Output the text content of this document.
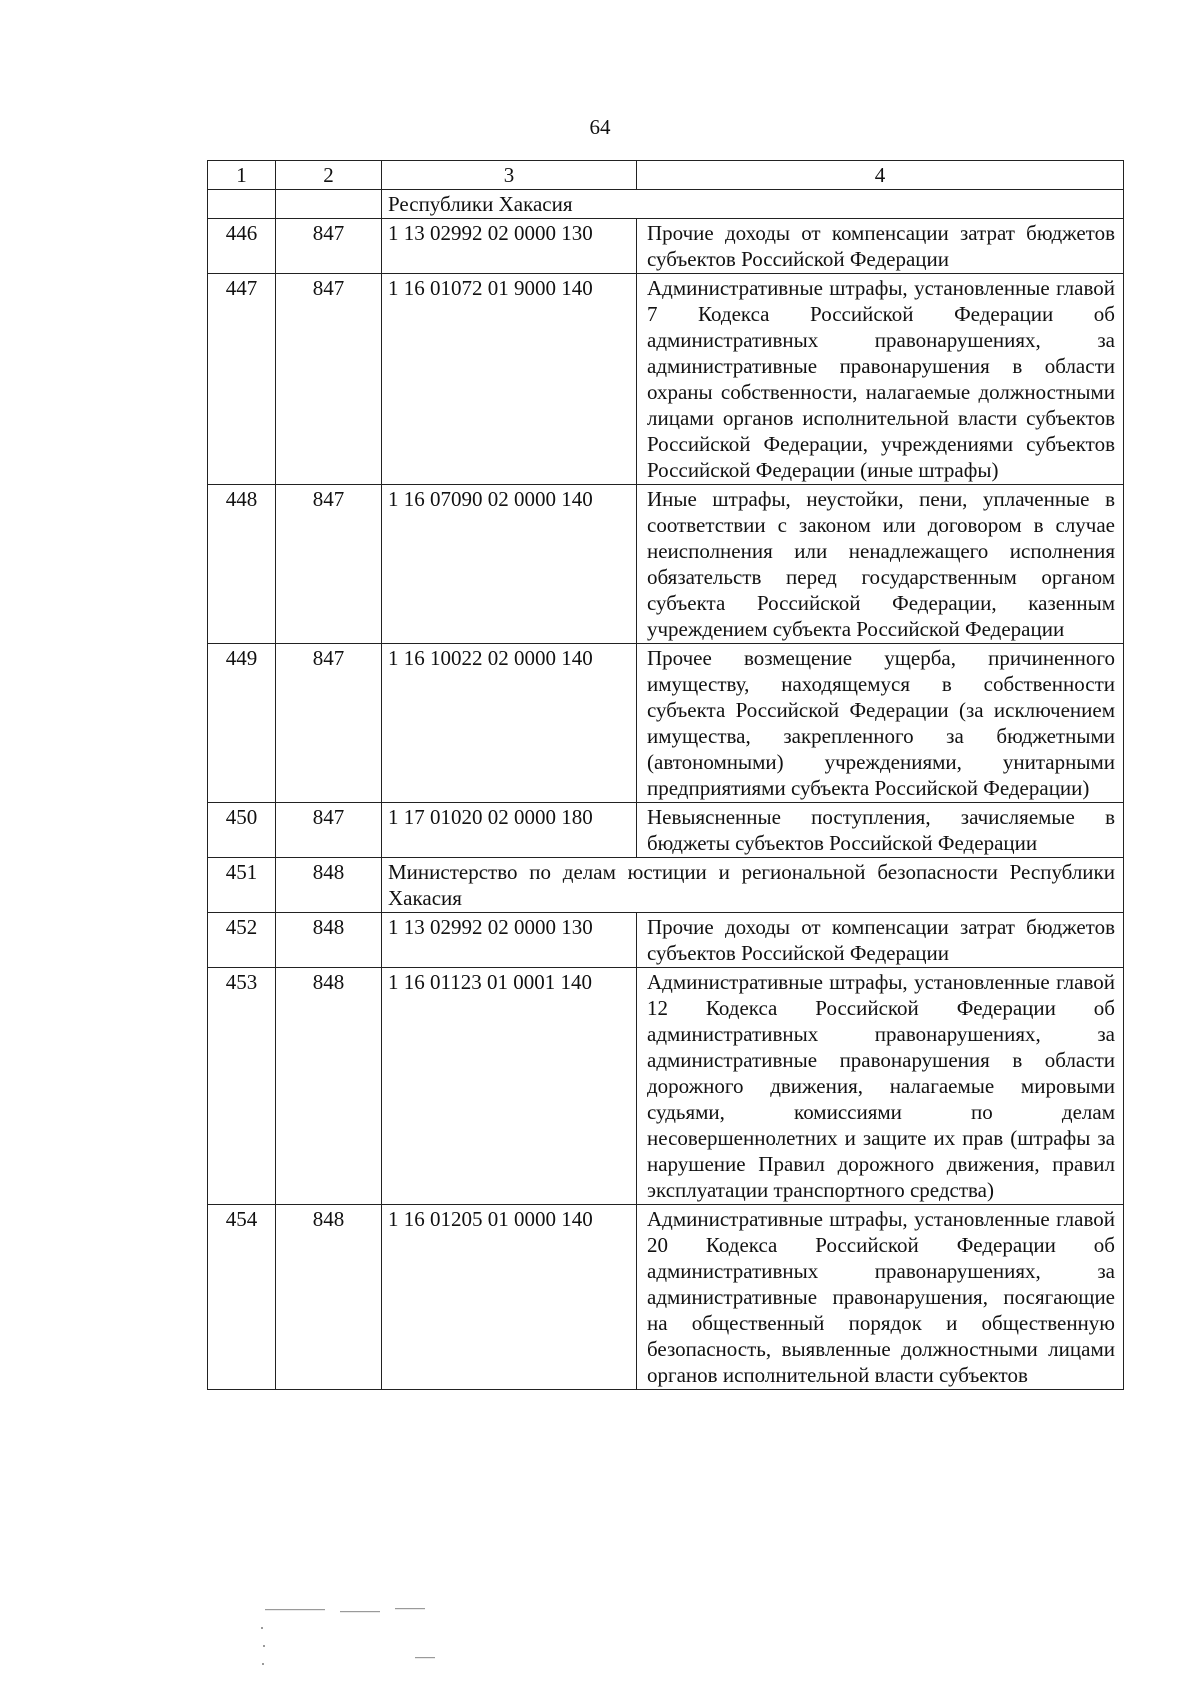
64
1	2	3	4
		Республики Хакасия	
446	847	1 13 02992 02 0000 130	Прочие доходы от компенсации затрат бюджетов субъектов Российской Федерации
447	847	1 16 01072 01 9000 140	Административные штрафы, установленные главой 7 Кодекса Российской Федерации об административных правонарушениях, за административные правонарушения в области охраны собственности, налагаемые должностными лицами органов исполнительной власти субъектов Российской Федерации, учреждениями субъектов Российской Федерации (иные штрафы)
448	847	1 16 07090 02 0000 140	Иные штрафы, неустойки, пени, уплаченные в соответствии с законом или договором в случае неисполнения или ненадлежащего исполнения обязательств перед государственным органом субъекта Российской Федерации, казенным учреждением субъекта Российской Федерации
449	847	1 16 10022 02 0000 140	Прочее возмещение ущерба, причиненного имуществу, находящемуся в собственности субъекта Российской Федерации (за исключением имущества, закрепленного за бюджетными (автономными) учреждениями, унитарными предприятиями субъекта Российской Федерации)
450	847	1 17 01020 02 0000 180	Невыясненные поступления, зачисляемые в бюджеты субъектов Российской Федерации
451	848	Министерство по делам юстиции и региональной безопасности Республики Хакасия	
452	848	1 13 02992 02 0000 130	Прочие доходы от компенсации затрат бюджетов субъектов Российской Федерации
453	848	1 16 01123 01 0001 140	Административные штрафы, установленные главой 12 Кодекса Российской Федерации об административных правонарушениях, за административные правонарушения в области дорожного движения, налагаемые мировыми судьями, комиссиями по делам несовершеннолетних и защите их прав (штрафы за нарушение Правил дорожного движения, правил эксплуатации транспортного средства)
454	848	1 16 01205 01 0000 140	Административные штрафы, установленные главой 20 Кодекса Российской Федерации об административных правонарушениях, за административные правонарушения, посягающие на общественный порядок и общественную безопасность, выявленные должностными лицами органов исполнительной власти субъектов
